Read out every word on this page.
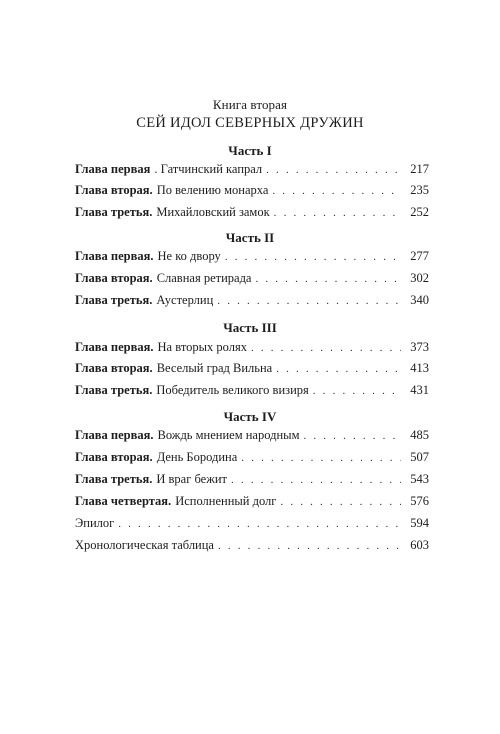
Книга вторая
СЕЙ ИДОЛ СЕВЕРНЫХ ДРУЖИН
Часть I
Глава первая . Гатчинский капрал . . .	217
Глава вторая. По велению монарха . . .	235
Глава третья. Михайловский замок . . .	252
Часть II
Глава первая. Не ко двору . . .	277
Глава вторая. Славная ретирада . . .	302
Глава третья. Аустерлиц . . .	340
Часть III
Глава первая. На вторых ролях . . .	373
Глава вторая. Веселый град Вильна . . .	413
Глава третья. Победитель великого визиря . . .	431
Часть IV
Глава первая. Вождь мнением народным . . .	485
Глава вторая. День Бородина . . .	507
Глава третья. И враг бежит . . .	543
Глава четвертая. Исполненный долг . . .	576
Эпилог . . .	594
Хронологическая таблица . . .	603
